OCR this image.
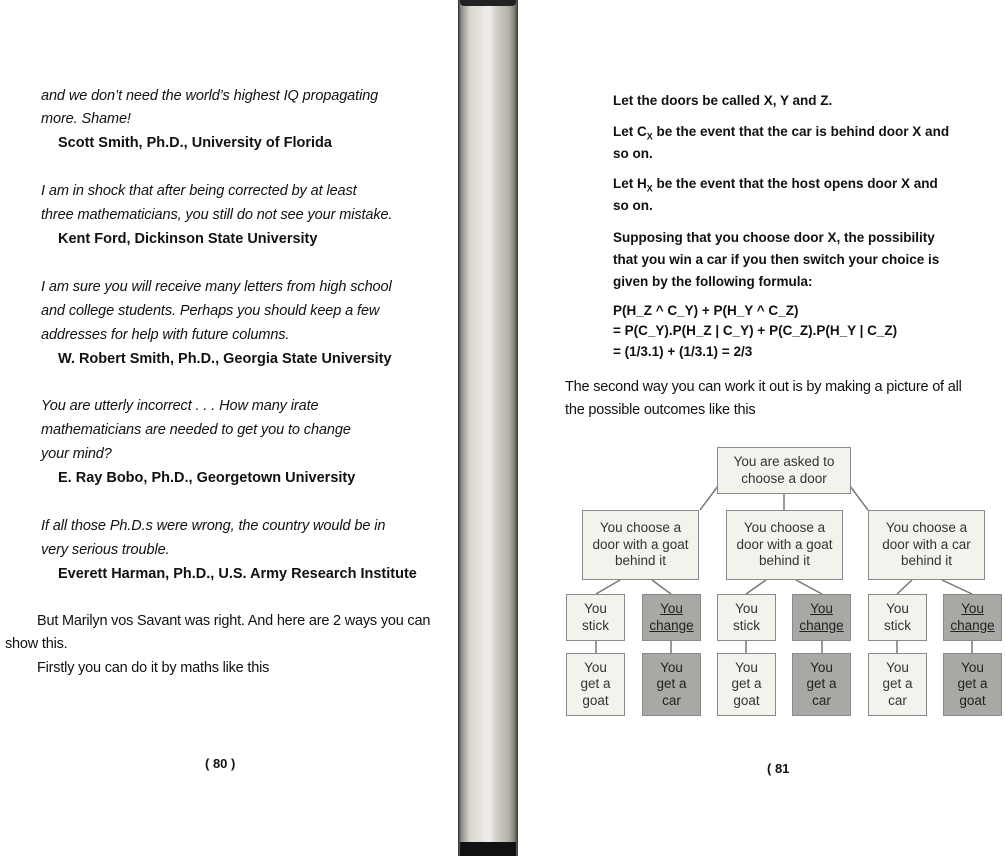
and we don’t need the world’s highest IQ propagating
more. Shame!
Scott Smith, Ph.D., University of Florida
I am in shock that after being corrected by at least
three mathematicians, you still do not see your mistake.
Kent Ford, Dickinson State University
I am sure you will receive many letters from high school
and college students. Perhaps you should keep a few
addresses for help with future columns.
W. Robert Smith, Ph.D., Georgia State University
You are utterly incorrect . . . How many irate
mathematicians are needed to get you to change
your mind?
E. Ray Bobo, Ph.D., Georgetown University
If all those Ph.D.s were wrong, the country would be in
very serious trouble.
Everett Harman, Ph.D., U.S. Army Research Institute
But Marilyn vos Savant was right. And here are 2 ways you can
show this.
Firstly you can do it by maths like this
( 80 )
Let the doors be called X, Y and Z.
Let $C_X$ be the event that the car is behind door X and
so on.
Let $H_X$ be the event that the host opens door X and
so on.
Supposing that you choose door X, the possibility
that you win a car if you then switch your choice is
given by the following formula:
P(H_Z ^ C_Y) + P(H_Y ^ C_Z)
= P(C_Y).P(H_Z | C_Y) + P(C_Z).P(H_Y | C_Z)
= (1/3.1) + (1/3.1) = 2/3
The second way you can work it out is by making a picture of all
the possible outcomes like this
You are asked to choose a door
You choose a door with a goat behind it
You choose a door with a goat behind it
You choose a door with a car behind it
You stick
You change
You stick
You change
You stick
You change
You get a goat
You get a car
You get a goat
You get a car
You get a car
You get a goat
( 81
